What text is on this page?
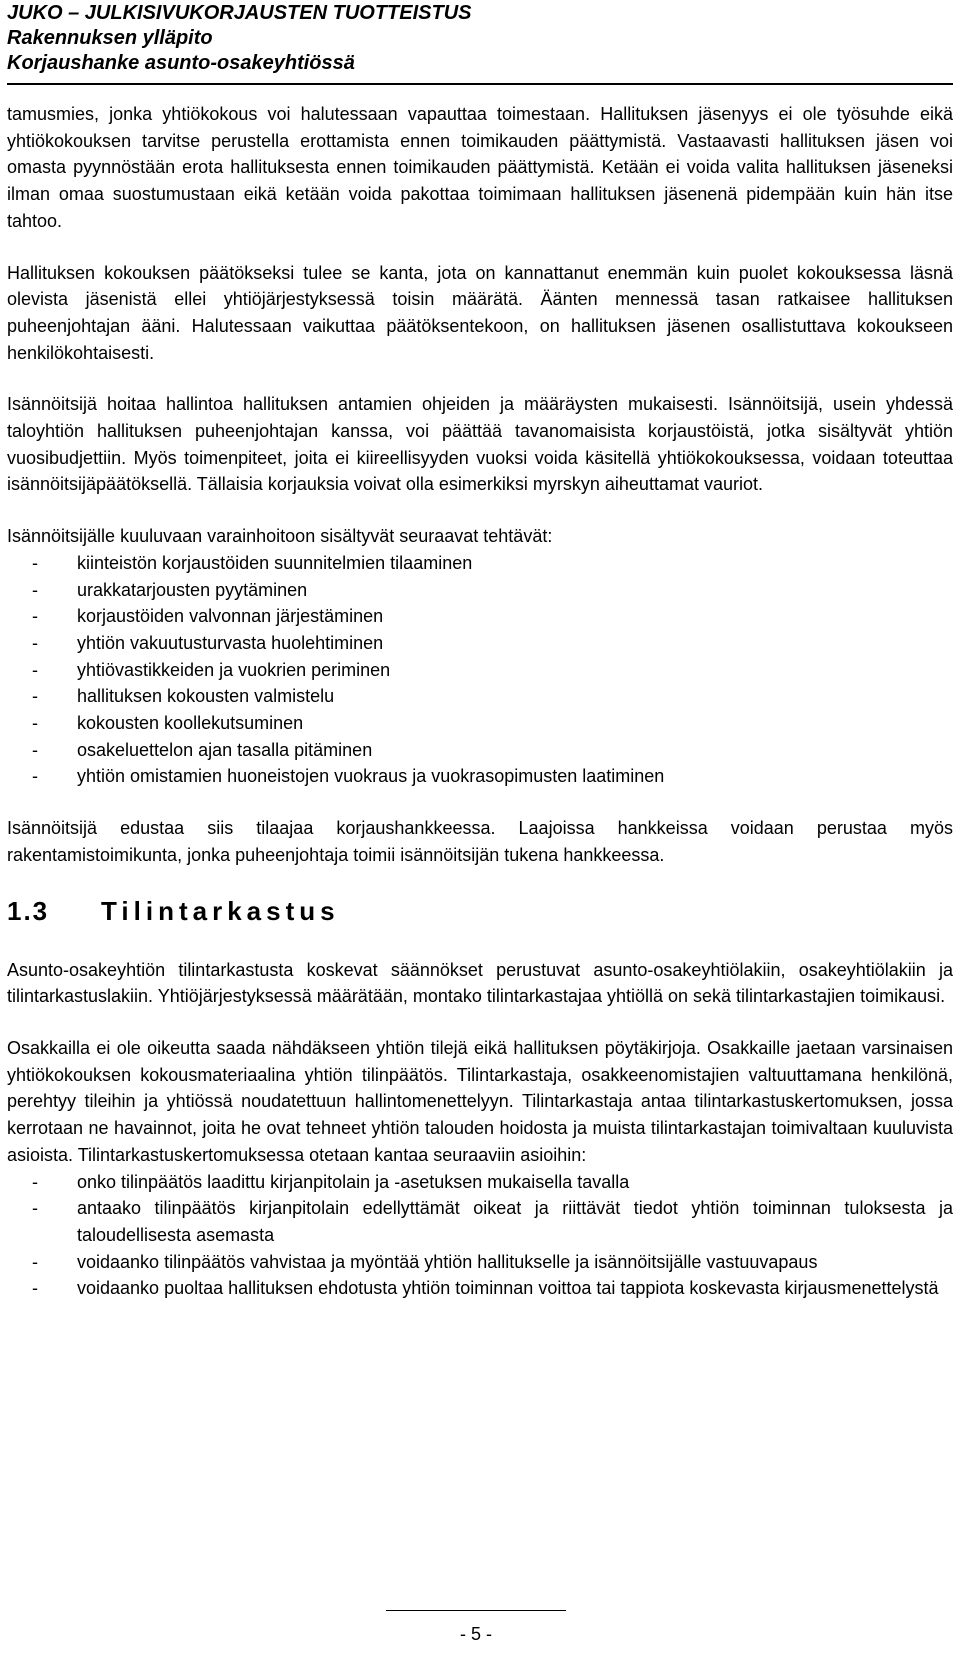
JUKO – JULKISIVUKORJAUSTEN TUOTTEISTUS
Rakennuksen ylläpito
Korjaushanke asunto-osakeyhtiössä

tamusmies, jonka yhtiökokous voi halutessaan vapauttaa toimestaan. Hallituksen jäsenyys ei ole työsuhde eikä yhtiökokouksen tarvitse perustella erottamista ennen toimikauden päättymistä. Vastaavasti hallituksen jäsen voi omasta pyynnöstään erota hallituksesta ennen toimikauden päättymistä. Ketään ei voida valita hallituksen jäseneksi ilman omaa suostumustaan eikä ketään voida pakottaa toimimaan hallituksen jäsenenä pidempään kuin hän itse tahtoo.

Hallituksen kokouksen päätökseksi tulee se kanta, jota on kannattanut enemmän kuin puolet kokouksessa läsnä olevista jäsenistä ellei yhtiöjärjestyksessä toisin määrätä. Äänten mennessä tasan ratkaisee hallituksen puheenjohtajan ääni. Halutessaan vaikuttaa päätöksentekoon, on hallituksen jäsenen osallistuttava kokoukseen henkilökohtaisesti.

Isännöitsijä hoitaa hallintoa hallituksen antamien ohjeiden ja määräysten mukaisesti. Isännöitsijä, usein yhdessä taloyhtiön hallituksen puheenjohtajan kanssa, voi päättää tavanomaisista korjaustöistä, jotka sisältyvät yhtiön vuosibudjettiin. Myös toimenpiteet, joita ei kiireellisyyden vuoksi voida käsitellä yhtiökokouksessa, voidaan toteuttaa isännöitsijäpäätöksellä. Tällaisia korjauksia voivat olla esimerkiksi myrskyn aiheuttamat vauriot.

Isännöitsijälle kuuluvaan varainhoitoon sisältyvät seuraavat tehtävät:

- kiinteistön korjaustöiden suunnitelmien tilaaminen
- urakkatarjousten pyytäminen
- korjaustöiden valvonnan järjestäminen
- yhtiön vakuutusturvasta huolehtiminen
- yhtiövastikkeiden ja vuokrien periminen
- hallituksen kokousten valmistelu
- kokousten koollekutsuminen
- osakeluettelon ajan tasalla pitäminen
- yhtiön omistamien huoneistojen vuokraus ja vuokrasopimusten laatiminen

Isännöitsijä edustaa siis tilaajaa korjaushankkeessa. Laajoissa hankkeissa voidaan perustaa myös rakentamistoimikunta, jonka puheenjohtaja toimii isännöitsijän tukena hankkeessa.

1.3 Tilintarkastus

Asunto-osakeyhtiön tilintarkastusta koskevat säännökset perustuvat asunto-osakeyhtiölakiin, osakeyhtiölakiin ja tilintarkastuslakiin. Yhtiöjärjestyksessä määrätään, montako tilintarkastajaa yhtiöllä on sekä tilintarkastajien toimikausi.

Osakkailla ei ole oikeutta saada nähdäkseen yhtiön tilejä eikä hallituksen pöytäkirjoja. Osakkaille jaetaan varsinaisen yhtiökokouksen kokousmateriaalina yhtiön tilinpäätös. Tilintarkastaja, osakkeenomistajien valtuuttamana henkilönä, perehtyy tileihin ja yhtiössä noudatettuun hallintomenettelyyn. Tilintarkastaja antaa tilintarkastuskertomuksen, jossa kerrotaan ne havainnot, joita he ovat tehneet yhtiön talouden hoidosta ja muista tilintarkastajan toimivaltaan kuuluvista asioista. Tilintarkastuskertomuksessa otetaan kantaa seuraaviin asioihin:

- onko tilinpäätös laadittu kirjanpitolain ja -asetuksen mukaisella tavalla
- antaako tilinpäätös kirjanpitolain edellyttämät oikeat ja riittävät tiedot yhtiön toiminnan tuloksesta ja taloudellisesta asemasta
- voidaanko tilinpäätös vahvistaa ja myöntää yhtiön hallitukselle ja isännöitsijälle vastuuvapaus
- voidaanko puoltaa hallituksen ehdotusta yhtiön toiminnan voittoa tai tappiota koskevasta kirjausmenettelystä
- 5 -
